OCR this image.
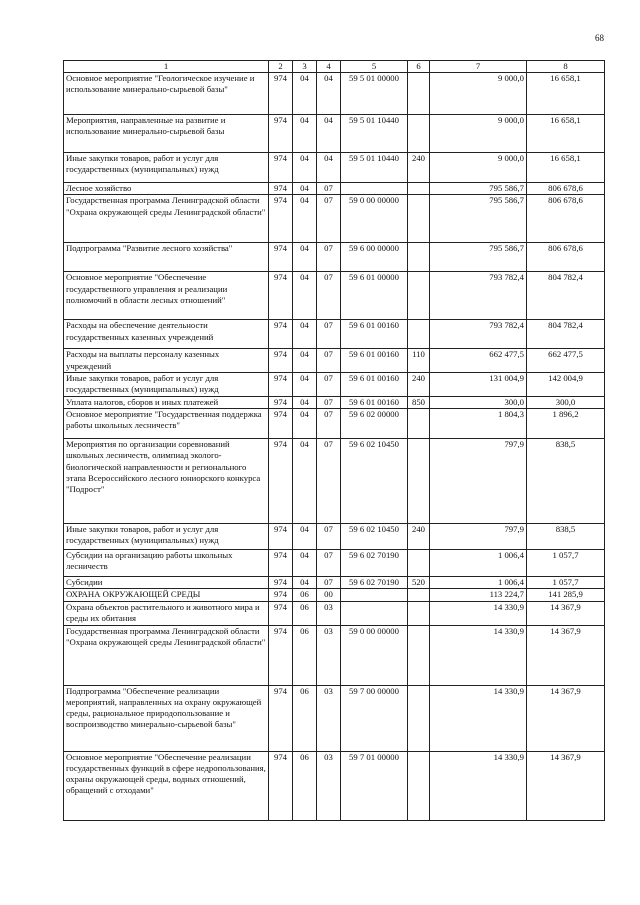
68
1	2	3	4	5	6	7	8
Основное мероприятие "Геологическое изучение и использование минерально-сырьевой базы"	974	04	04	59 5 01 00000		9 000,0	16 658,1
Мероприятия, направленные на развитие и использование минерально-сырьевой базы	974	04	04	59 5 01 10440		9 000,0	16 658,1
Иные закупки товаров, работ и услуг для государственных (муниципальных) нужд	974	04	04	59 5 01 10440	240	9 000,0	16 658,1
Лесное хозяйство	974	04	07			795 586,7	806 678,6
Государственная программа Ленинградской области "Охрана окружающей среды Ленинградской области"	974	04	07	59 0 00 00000		795 586,7	806 678,6
Подпрограмма "Развитие лесного хозяйства"	974	04	07	59 6 00 00000		795 586,7	806 678,6
Основное мероприятие "Обеспечение государственного управления и реализации полномочий в области лесных отношений"	974	04	07	59 6 01 00000		793 782,4	804 782,4
Расходы на обеспечение деятельности государственных казенных учреждений	974	04	07	59 6 01 00160		793 782,4	804 782,4
Расходы на выплаты персоналу казенных учреждений	974	04	07	59 6 01 00160	110	662 477,5	662 477,5
Иные закупки товаров, работ и услуг для государственных (муниципальных) нужд	974	04	07	59 6 01 00160	240	131 004,9	142 004,9
Уплата налогов, сборов и иных платежей	974	04	07	59 6 01 00160	850	300,0	300,0
Основное мероприятие "Государственная поддержка работы школьных лесничеств"	974	04	07	59 6 02 00000		1 804,3	1 896,2
Мероприятия по организации соревнований школьных лесничеств, олимпиад эколого-биологической направленности и регионального этапа Всероссийского лесного юниорского конкурса "Подрост"	974	04	07	59 6 02 10450		797,9	838,5
Иные закупки товаров, работ и услуг для государственных (муниципальных) нужд	974	04	07	59 6 02 10450	240	797,9	838,5
Субсидии на организацию работы школьных лесничеств	974	04	07	59 6 02 70190		1 006,4	1 057,7
Субсидии	974	04	07	59 6 02 70190	520	1 006,4	1 057,7
ОХРАНА ОКРУЖАЮЩЕЙ СРЕДЫ	974	06	00			113 224,7	141 285,9
Охрана объектов растительного и животного мира и среды их обитания	974	06	03			14 330,9	14 367,9
Государственная программа Ленинградской области "Охрана окружающей среды Ленинградской области"	974	06	03	59 0 00 00000		14 330,9	14 367,9
Подпрограмма "Обеспечение реализации мероприятий, направленных на охрану окружающей среды, рациональное природопользование и воспроизводство минерально-сырьевой базы"	974	06	03	59 7 00 00000		14 330,9	14 367,9
Основное мероприятие "Обеспечение реализации государственных функций в сфере недропользования, охраны окружающей среды, водных отношений, обращений с отходами"	974	06	03	59 7 01 00000		14 330,9	14 367,9
